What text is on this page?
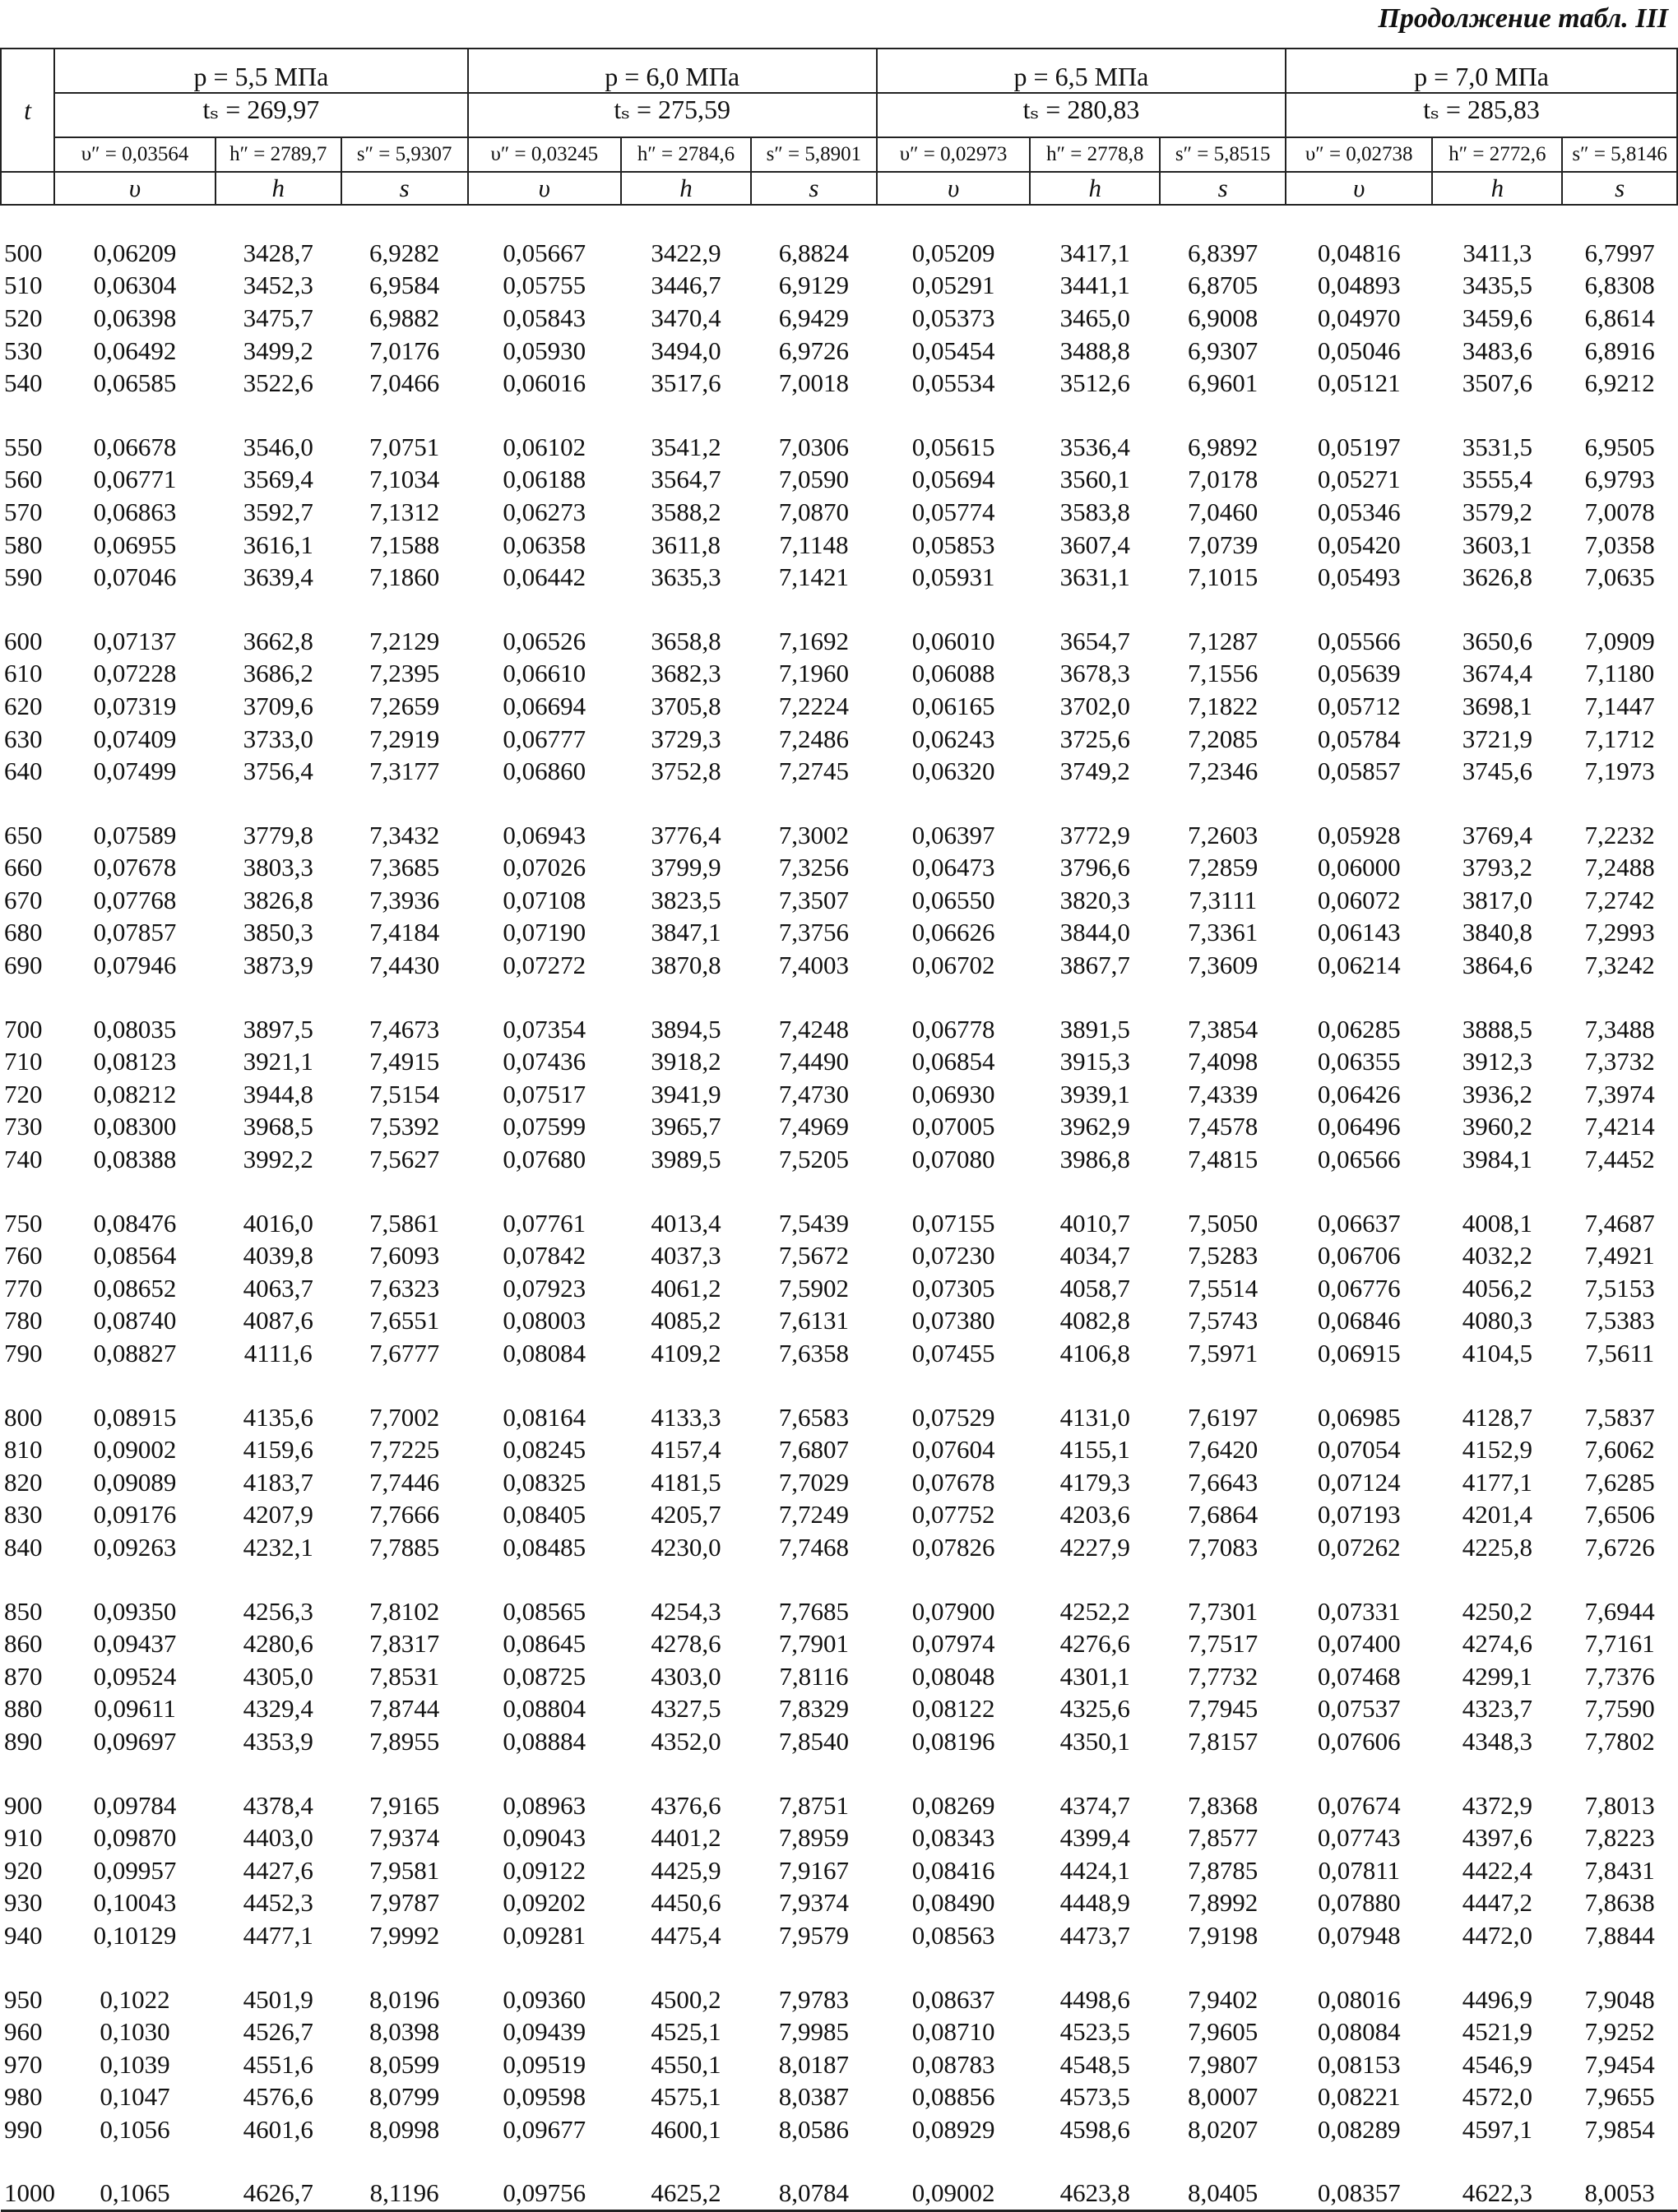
Продолжение табл. III
t	p = 5,5 МПа			p = 6,0 МПа			p = 6,5 МПа			p = 7,0 МПа		
	tₛ = 269,97			tₛ = 275,59			tₛ = 280,83			tₛ = 285,83		
	υ″ = 0,03564	h″ = 2789,7	s″ = 5,9307	υ″ = 0,03245	h″ = 2784,6	s″ = 5,8901	υ″ = 0,02973	h″ = 2778,8	s″ = 5,8515	υ″ = 0,02738	h″ = 2772,6	s″ = 5,8146
	υ	h	s	υ	h	s	υ	h	s	υ	h	s

500	0,06209	3428,7	6,9282	0,05667	3422,9	6,8824	0,05209	3417,1	6,8397	0,04816	3411,3	6,7997
510	0,06304	3452,3	6,9584	0,05755	3446,7	6,9129	0,05291	3441,1	6,8705	0,04893	3435,5	6,8308
520	0,06398	3475,7	6,9882	0,05843	3470,4	6,9429	0,05373	3465,0	6,9008	0,04970	3459,6	6,8614
530	0,06492	3499,2	7,0176	0,05930	3494,0	6,9726	0,05454	3488,8	6,9307	0,05046	3483,6	6,8916
540	0,06585	3522,6	7,0466	0,06016	3517,6	7,0018	0,05534	3512,6	6,9601	0,05121	3507,6	6,9212

550	0,06678	3546,0	7,0751	0,06102	3541,2	7,0306	0,05615	3536,4	6,9892	0,05197	3531,5	6,9505
560	0,06771	3569,4	7,1034	0,06188	3564,7	7,0590	0,05694	3560,1	7,0178	0,05271	3555,4	6,9793
570	0,06863	3592,7	7,1312	0,06273	3588,2	7,0870	0,05774	3583,8	7,0460	0,05346	3579,2	7,0078
580	0,06955	3616,1	7,1588	0,06358	3611,8	7,1148	0,05853	3607,4	7,0739	0,05420	3603,1	7,0358
590	0,07046	3639,4	7,1860	0,06442	3635,3	7,1421	0,05931	3631,1	7,1015	0,05493	3626,8	7,0635

600	0,07137	3662,8	7,2129	0,06526	3658,8	7,1692	0,06010	3654,7	7,1287	0,05566	3650,6	7,0909
610	0,07228	3686,2	7,2395	0,06610	3682,3	7,1960	0,06088	3678,3	7,1556	0,05639	3674,4	7,1180
620	0,07319	3709,6	7,2659	0,06694	3705,8	7,2224	0,06165	3702,0	7,1822	0,05712	3698,1	7,1447
630	0,07409	3733,0	7,2919	0,06777	3729,3	7,2486	0,06243	3725,6	7,2085	0,05784	3721,9	7,1712
640	0,07499	3756,4	7,3177	0,06860	3752,8	7,2745	0,06320	3749,2	7,2346	0,05857	3745,6	7,1973

650	0,07589	3779,8	7,3432	0,06943	3776,4	7,3002	0,06397	3772,9	7,2603	0,05928	3769,4	7,2232
660	0,07678	3803,3	7,3685	0,07026	3799,9	7,3256	0,06473	3796,6	7,2859	0,06000	3793,2	7,2488
670	0,07768	3826,8	7,3936	0,07108	3823,5	7,3507	0,06550	3820,3	7,3111	0,06072	3817,0	7,2742
680	0,07857	3850,3	7,4184	0,07190	3847,1	7,3756	0,06626	3844,0	7,3361	0,06143	3840,8	7,2993
690	0,07946	3873,9	7,4430	0,07272	3870,8	7,4003	0,06702	3867,7	7,3609	0,06214	3864,6	7,3242

700	0,08035	3897,5	7,4673	0,07354	3894,5	7,4248	0,06778	3891,5	7,3854	0,06285	3888,5	7,3488
710	0,08123	3921,1	7,4915	0,07436	3918,2	7,4490	0,06854	3915,3	7,4098	0,06355	3912,3	7,3732
720	0,08212	3944,8	7,5154	0,07517	3941,9	7,4730	0,06930	3939,1	7,4339	0,06426	3936,2	7,3974
730	0,08300	3968,5	7,5392	0,07599	3965,7	7,4969	0,07005	3962,9	7,4578	0,06496	3960,2	7,4214
740	0,08388	3992,2	7,5627	0,07680	3989,5	7,5205	0,07080	3986,8	7,4815	0,06566	3984,1	7,4452

750	0,08476	4016,0	7,5861	0,07761	4013,4	7,5439	0,07155	4010,7	7,5050	0,06637	4008,1	7,4687
760	0,08564	4039,8	7,6093	0,07842	4037,3	7,5672	0,07230	4034,7	7,5283	0,06706	4032,2	7,4921
770	0,08652	4063,7	7,6323	0,07923	4061,2	7,5902	0,07305	4058,7	7,5514	0,06776	4056,2	7,5153
780	0,08740	4087,6	7,6551	0,08003	4085,2	7,6131	0,07380	4082,8	7,5743	0,06846	4080,3	7,5383
790	0,08827	4111,6	7,6777	0,08084	4109,2	7,6358	0,07455	4106,8	7,5971	0,06915	4104,5	7,5611

800	0,08915	4135,6	7,7002	0,08164	4133,3	7,6583	0,07529	4131,0	7,6197	0,06985	4128,7	7,5837
810	0,09002	4159,6	7,7225	0,08245	4157,4	7,6807	0,07604	4155,1	7,6420	0,07054	4152,9	7,6062
820	0,09089	4183,7	7,7446	0,08325	4181,5	7,7029	0,07678	4179,3	7,6643	0,07124	4177,1	7,6285
830	0,09176	4207,9	7,7666	0,08405	4205,7	7,7249	0,07752	4203,6	7,6864	0,07193	4201,4	7,6506
840	0,09263	4232,1	7,7885	0,08485	4230,0	7,7468	0,07826	4227,9	7,7083	0,07262	4225,8	7,6726

850	0,09350	4256,3	7,8102	0,08565	4254,3	7,7685	0,07900	4252,2	7,7301	0,07331	4250,2	7,6944
860	0,09437	4280,6	7,8317	0,08645	4278,6	7,7901	0,07974	4276,6	7,7517	0,07400	4274,6	7,7161
870	0,09524	4305,0	7,8531	0,08725	4303,0	7,8116	0,08048	4301,1	7,7732	0,07468	4299,1	7,7376
880	0,09611	4329,4	7,8744	0,08804	4327,5	7,8329	0,08122	4325,6	7,7945	0,07537	4323,7	7,7590
890	0,09697	4353,9	7,8955	0,08884	4352,0	7,8540	0,08196	4350,1	7,8157	0,07606	4348,3	7,7802

900	0,09784	4378,4	7,9165	0,08963	4376,6	7,8751	0,08269	4374,7	7,8368	0,07674	4372,9	7,8013
910	0,09870	4403,0	7,9374	0,09043	4401,2	7,8959	0,08343	4399,4	7,8577	0,07743	4397,6	7,8223
920	0,09957	4427,6	7,9581	0,09122	4425,9	7,9167	0,08416	4424,1	7,8785	0,07811	4422,4	7,8431
930	0,10043	4452,3	7,9787	0,09202	4450,6	7,9374	0,08490	4448,9	7,8992	0,07880	4447,2	7,8638
940	0,10129	4477,1	7,9992	0,09281	4475,4	7,9579	0,08563	4473,7	7,9198	0,07948	4472,0	7,8844

950	0,1022	4501,9	8,0196	0,09360	4500,2	7,9783	0,08637	4498,6	7,9402	0,08016	4496,9	7,9048
960	0,1030	4526,7	8,0398	0,09439	4525,1	7,9985	0,08710	4523,5	7,9605	0,08084	4521,9	7,9252
970	0,1039	4551,6	8,0599	0,09519	4550,1	8,0187	0,08783	4548,5	7,9807	0,08153	4546,9	7,9454
980	0,1047	4576,6	8,0799	0,09598	4575,1	8,0387	0,08856	4573,5	8,0007	0,08221	4572,0	7,9655
990	0,1056	4601,6	8,0998	0,09677	4600,1	8,0586	0,08929	4598,6	8,0207	0,08289	4597,1	7,9854

1000	0,1065	4626,7	8,1196	0,09756	4625,2	8,0784	0,09002	4623,8	8,0405	0,08357	4622,3	8,0053
